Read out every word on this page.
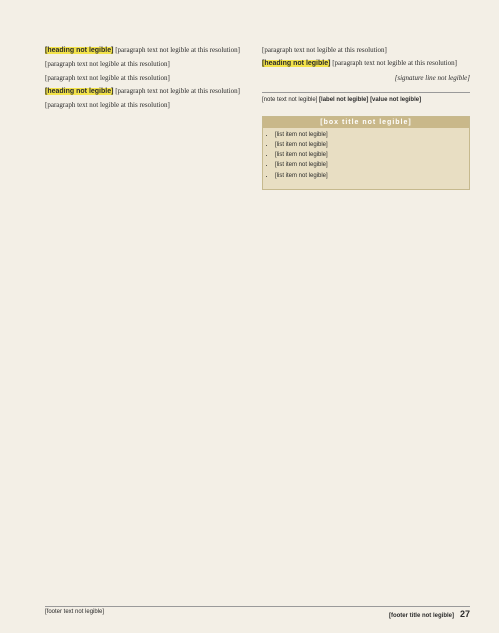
[heading not legible] [paragraph text not legible at this resolution]

[paragraph text not legible at this resolution]

[paragraph text not legible at this resolution]

[heading not legible] [paragraph text not legible at this resolution]

[paragraph text not legible at this resolution]

[paragraph text not legible at this resolution]

[heading not legible] [paragraph text not legible at this resolution]

[signature line not legible]

[note text not legible] [label not legible] [value not legible]
[box title not legible]
• [list item not legible]
• [list item not legible]
• [list item not legible]
• [list item not legible]
• [list item not legible]
[footer text not legible]
[footer title not legible] 27
